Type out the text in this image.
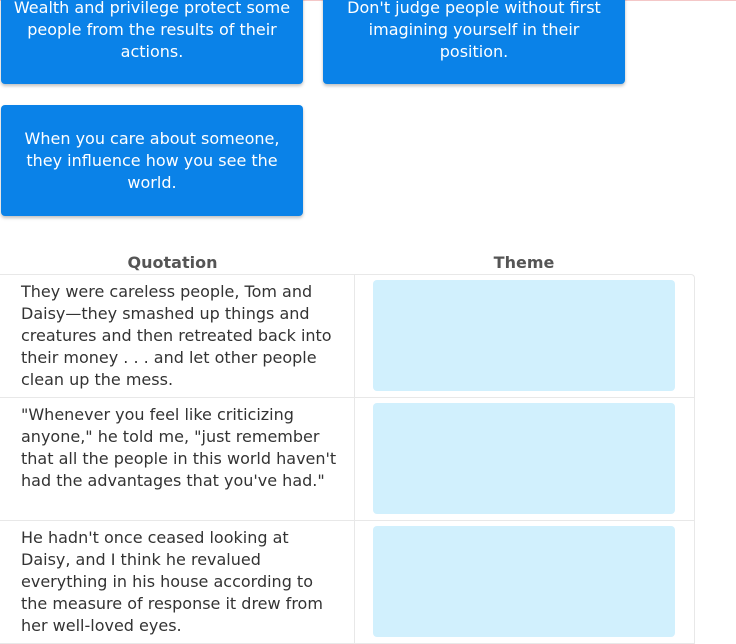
Wealth and privilege protect some people from the results of their actions.
Don't judge people without first imagining yourself in their position.
When you care about someone, they influence how you see the world.
Quotation	Theme
They were careless people, Tom and Daisy—they smashed up things and creatures and then retreated back into their money . . . and let other people clean up the mess.
"Whenever you feel like criticizing anyone," he told me, "just remember that all the people in this world haven't had the advantages that you've had."
He hadn't once ceased looking at Daisy, and I think he revalued everything in his house according to the measure of response it drew from her well-loved eyes.
